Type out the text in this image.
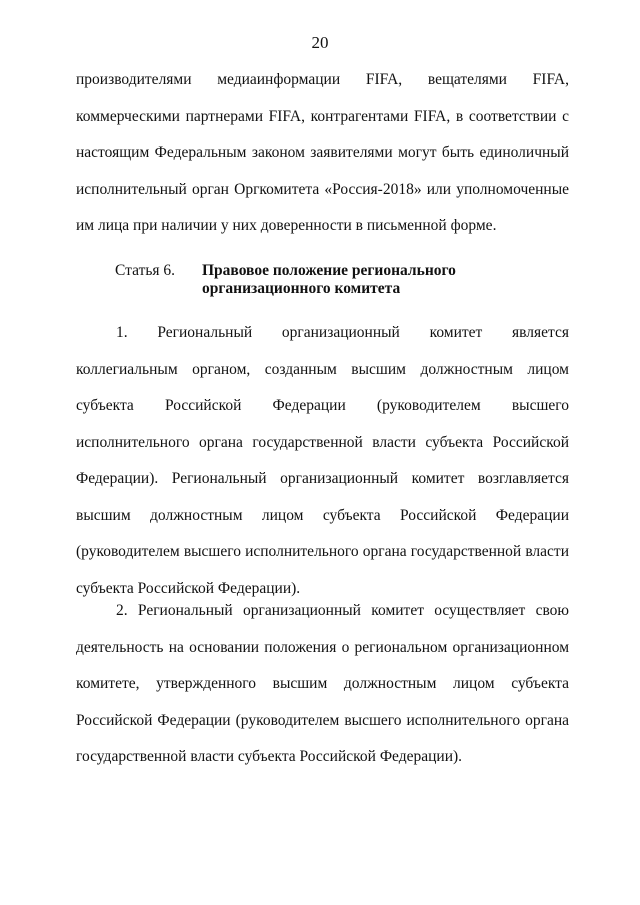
20

производителями медиаинформации FIFA, вещателями FIFA, коммерческими партнерами FIFA, контрагентами FIFA, в соответствии с настоящим Федеральным законом заявителями могут быть единоличный исполнительный орган Оргкомитета «Россия-2018» или уполномоченные им лица при наличии у них доверенности в письменной форме.

Статья 6. Правовое положение регионального
организационного комитета

1. Региональный организационный комитет является коллегиальным органом, созданным высшим должностным лицом субъекта Российской Федерации (руководителем высшего исполнительного органа государственной власти субъекта Российской Федерации). Региональный организационный комитет возглавляется высшим должностным лицом субъекта Российской Федерации (руководителем высшего исполнительного органа государственной власти субъекта Российской Федерации).

2. Региональный организационный комитет осуществляет свою деятельность на основании положения о региональном организационном комитете, утвержденного высшим должностным лицом субъекта Российской Федерации (руководителем высшего исполнительного органа государственной власти субъекта Российской Федерации).
